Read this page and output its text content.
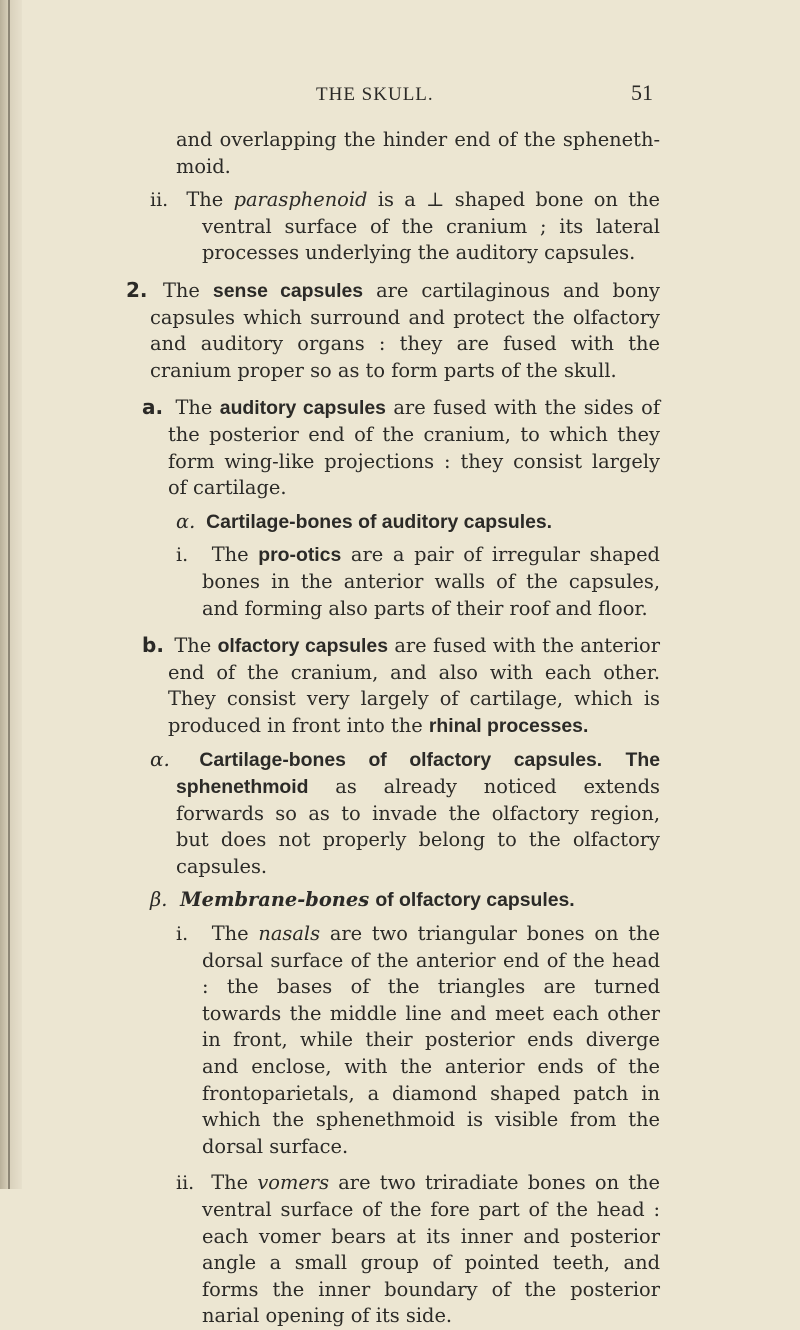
THE SKULL.	51

and overlapping the hinder end of the sphenethmoid.

ii. The parasphenoid is a ⊥ shaped bone on the ventral surface of the cranium ; its lateral processes underlying the auditory capsules.

2. The sense capsules are cartilaginous and bony capsules which surround and protect the olfactory and auditory organs : they are fused with the cranium proper so as to form parts of the skull.

a. The auditory capsules are fused with the sides of the posterior end of the cranium, to which they form wing-like projections : they consist largely of cartilage.

α. Cartilage-bones of auditory capsules.

i. The pro-otics are a pair of irregular shaped bones in the anterior walls of the capsules, and forming also parts of their roof and floor.

b. The olfactory capsules are fused with the anterior end of the cranium, and also with each other. They consist very largely of cartilage, which is produced in front into the rhinal processes.

α. Cartilage-bones of olfactory capsules. The sphenethmoid as already noticed extends forwards so as to invade the olfactory region, but does not properly belong to the olfactory capsules.

β. Membrane-bones of olfactory capsules.

i. The nasals are two triangular bones on the dorsal surface of the anterior end of the head : the bases of the triangles are turned towards the middle line and meet each other in front, while their posterior ends diverge and enclose, with the anterior ends of the frontoparietals, a diamond shaped patch in which the sphenethmoid is visible from the dorsal surface.

ii. The vomers are two triradiate bones on the ventral surface of the fore part of the head : each vomer bears at its inner and posterior angle a small group of pointed teeth, and forms the inner boundary of the posterior narial opening of its side.
